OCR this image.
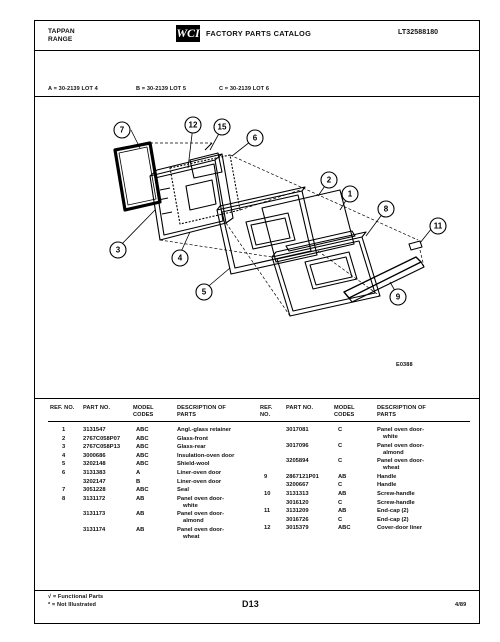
TAPPAN
RANGE	WCI FACTORY PARTS CATALOG	LT32588180
A = 30-2139 LOT 4	B = 30-2139 LOT 5	C = 30-2139 LOT 6
7
12	15
6
2
1
8
11
3
4
5
9
E0388
REF. NO. PART NO.	MODEL CODES
DESCRIPTION OF PARTS
REF. NO.
PART NO.	MODEL CODES
DESCRIPTION OF PARTS
1	3131547	ABC	Angl.-glass retainer
2	2767C058P07	ABC	Glass-front
3	2767C058P13	ABC	Glass-rear
4	3000686	ABC	Insulation-oven door
5	3202148	ABC	Shield-wool
6	3131383	A	Liner-oven door
3202147	B	Liner-oven door
7	3051228	ABC	Seal
8	3131172	AB	Panel oven door-
white
3131173	AB	Panel oven door-
almond
3131174	AB	Panel oven door-
wheat
3017081	C	Panel oven door-
white
3017096	C	Panel oven door-
almond
3205894	C	Panel oven door-
wheat
9	2867121P01	AB	Handle
3200667	C	Handle
10	3131313	AB	Screw-handle
3016120	C	Screw-handle
11	3131209	AB	End-cap (2)
3016726	C	End-cap (2)
12	3015379	ABC	Cover-door liner
√ = Functional Parts
* = Not Illustrated	D13	4/89
